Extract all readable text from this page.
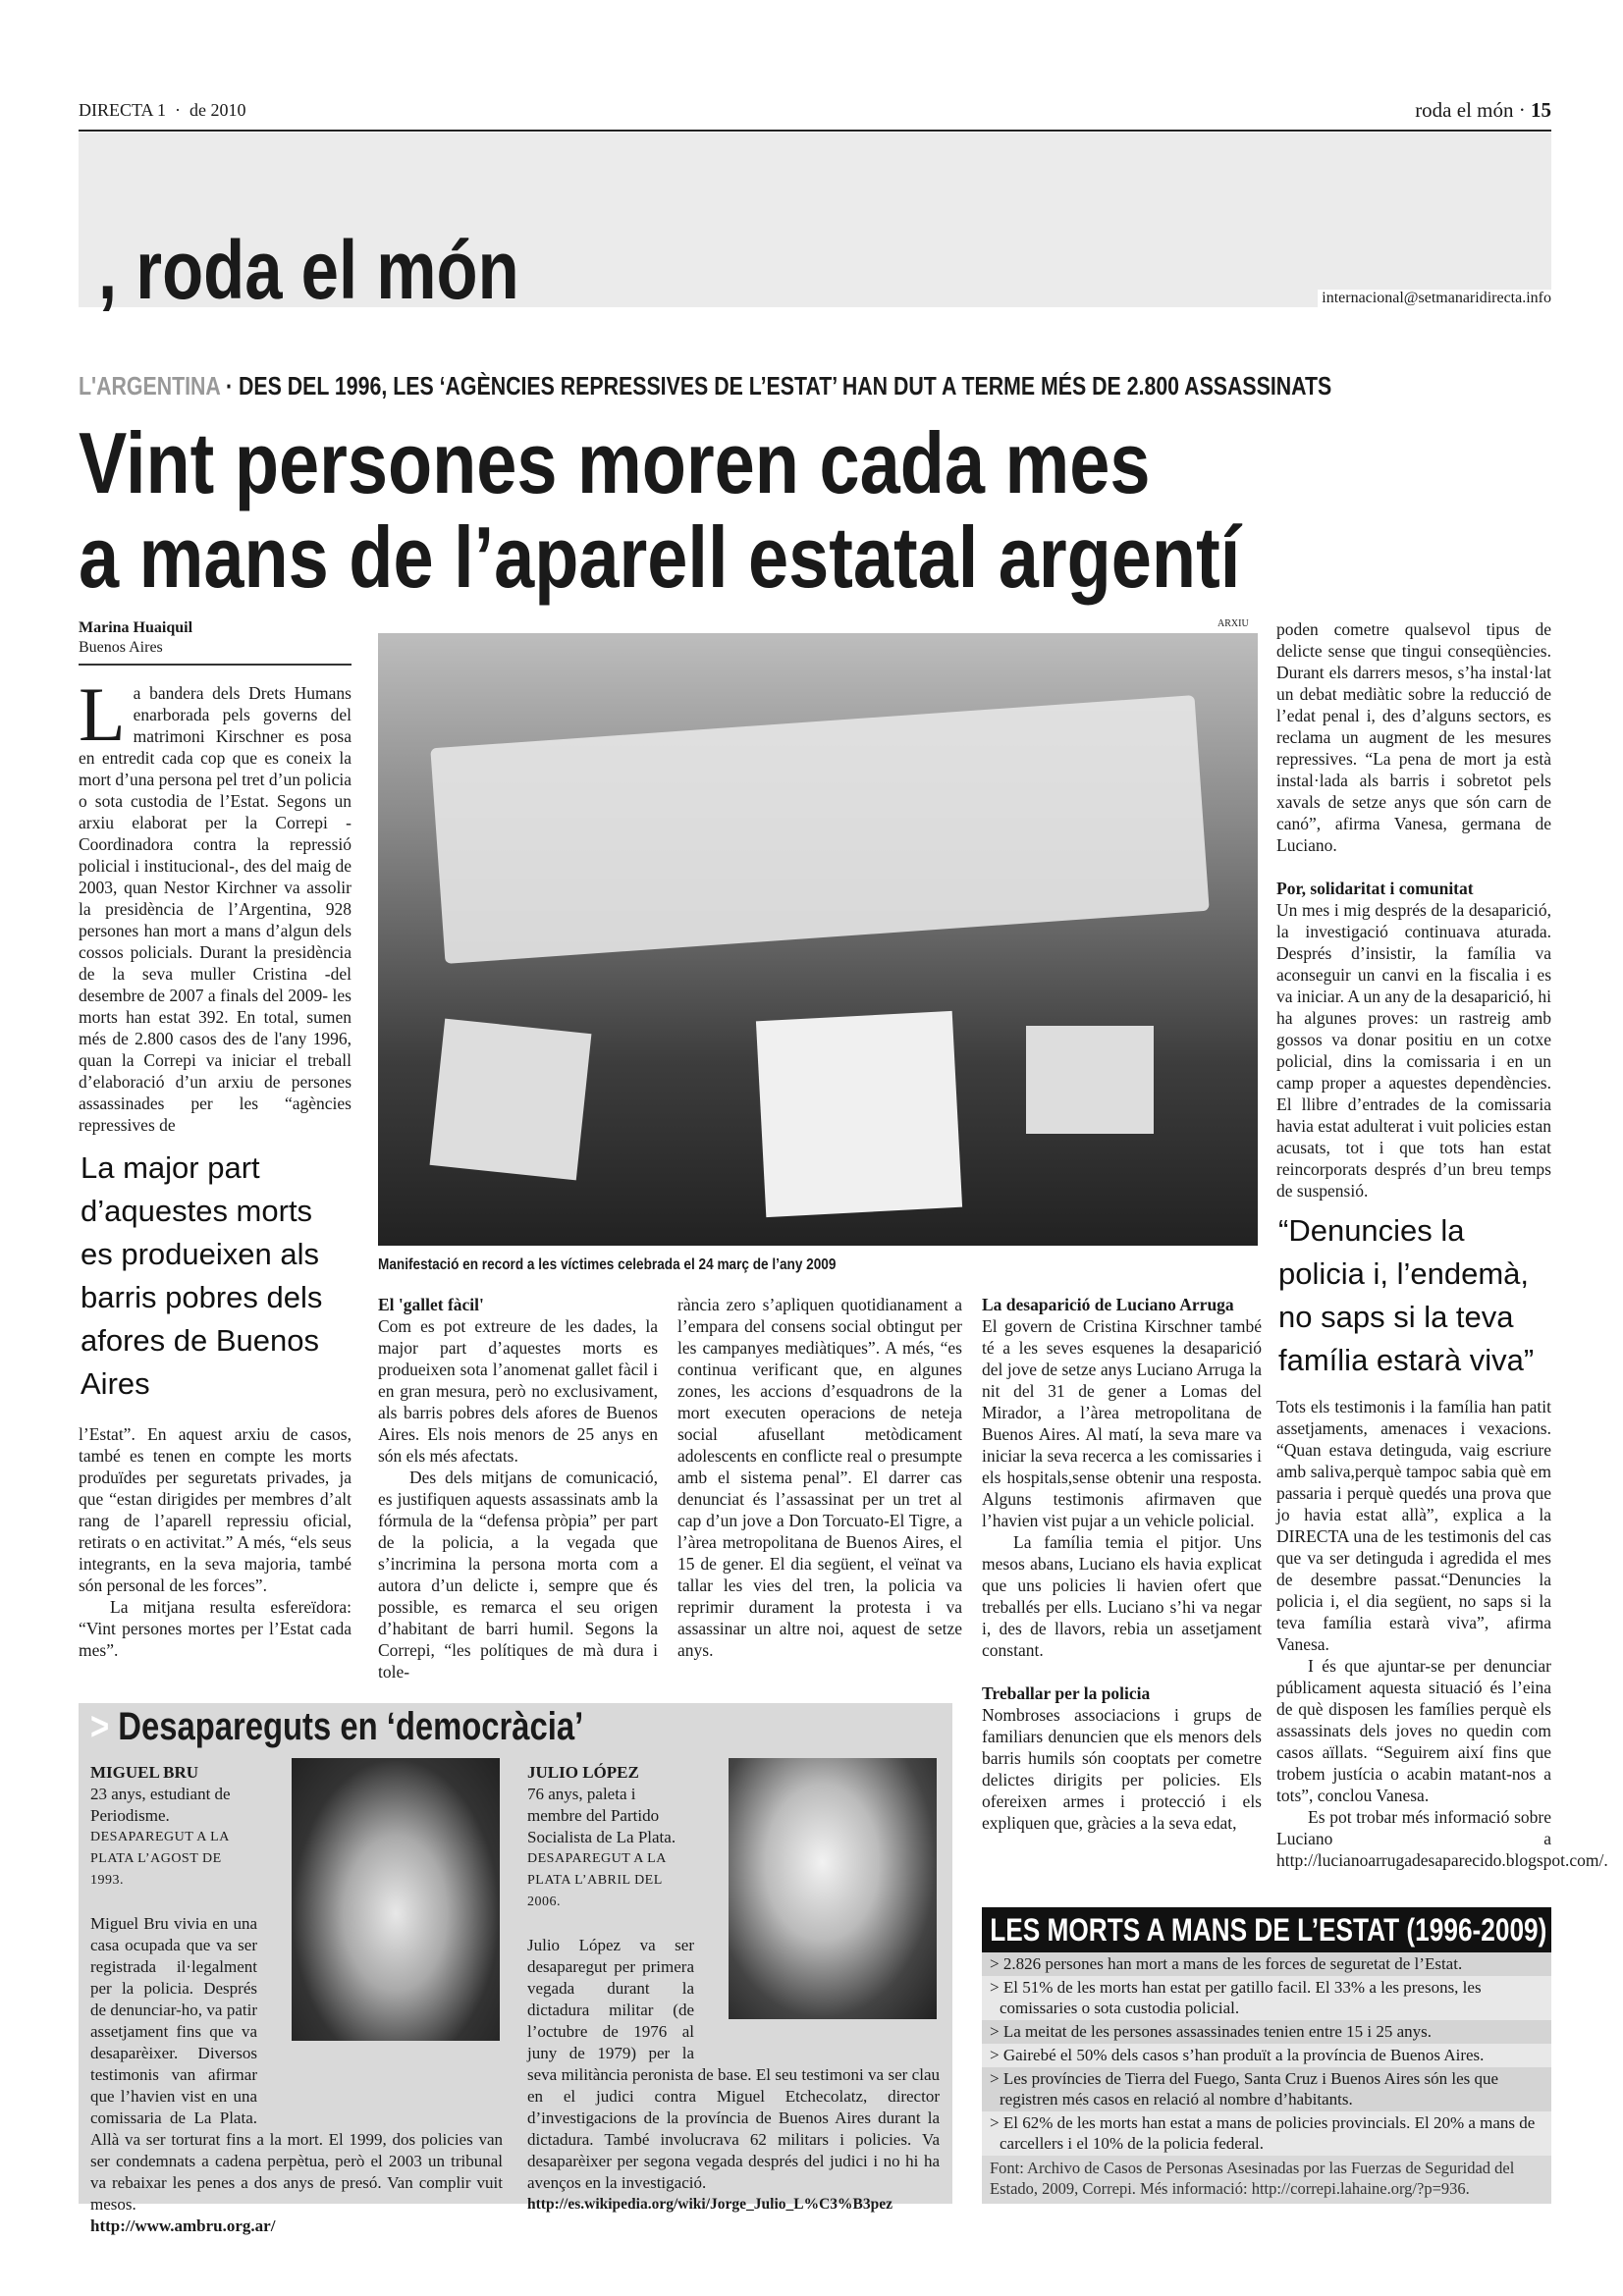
DIRECTA 1  ·  de 2010	roda el món · 15
, roda el món	internacional@setmanaridirecta.info
L'ARGENTINA · DES DEL 1996, LES ‘AGÈNCIES REPRESSIVES DE L’ESTAT’ HAN DUT A TERME MÉS DE 2.800 ASSASSINATS
Vint persones moren cada mes
a mans de l’aparell estatal argentí
Marina Huaiquil
Buenos Aires

La bandera dels Drets Humans enarborada pels governs del matrimoni Kirschner es posa en entredit cada cop que es coneix la mort d’una persona pel tret d’un policia o sota custodia de l’Estat. Segons un arxiu elaborat per la Correpi -Coordinadora contra la repressió policial i institucional-, des del maig de 2003, quan Nestor Kirchner va assolir la presidència de l’Argentina, 928 persones han mort a mans d’algun dels cossos policials. Durant la presidència de la seva muller Cristina -del desembre de 2007 a finals del 2009- les morts han estat 392. En total, sumen més de 2.800 casos des de l'any 1996, quan la Correpi va iniciar el treball d’elaboració d’un arxiu de persones assassinades per les “agències repressives de

La major part d’aquestes morts es produeixen als barris pobres dels afores de Buenos Aires

l’Estat”. En aquest arxiu de casos, també es tenen en compte les morts produïdes per seguretats privades, ja que “estan dirigides per membres d’alt rang de l’aparell repressiu oficial, retirats o en activitat.” A més, “els seus integrants, en la seva majoria, també són personal de les forces”.

La mitjana resulta esfereïdora: “Vint persones mortes per l’Estat cada mes”.

ARXIU
Manifestació en record a les víctimes celebrada el 24 març de l’any 2009
El 'gallet fàcil'

Com es pot extreure de les dades, la major part d’aquestes morts es produeixen sota l’anomenat gallet fàcil i en gran mesura, però no exclusivament, als barris pobres dels afores de Buenos Aires. Els nois menors de 25 anys en són els més afectats.

Des dels mitjans de comunicació, es justifiquen aquests assassinats amb la fórmula de la “defensa pròpia” per part de la policia, a la vegada que s’incrimina la persona morta com a autora d’un delicte i, sempre que és possible, es remarca el seu origen d’habitant de barri humil. Segons la Correpi, “les polítiques de mà dura i tole-

rància zero s’apliquen quotidianament a l’empara del consens social obtingut per les campanyes mediàtiques”. A més, “es continua verificant que, en algunes zones, les accions d’esquadrons de la mort executen operacions de neteja social afusellant metòdicament adolescents en conflicte real o presumpte amb el sistema penal”. El darrer cas denunciat és l’assassinat per un tret al cap d’un jove a Don Torcuato-El Tigre, a l’àrea metropolitana de Buenos Aires, el 15 de gener. El dia següent, el veïnat va tallar les vies del tren, la policia va reprimir durament la protesta i va assassinar un altre noi, aquest de setze anys.

La desaparició de Luciano Arruga

El govern de Cristina Kirschner també té a les seves esquenes la desaparició del jove de setze anys Luciano Arruga la nit del 31 de gener a Lomas del Mirador, a l’àrea metropolitana de Buenos Aires. Al matí, la seva mare va iniciar la seva recerca a les comissaries i els hospitals,sense obtenir una resposta. Alguns testimonis afirmaven que l’havien vist pujar a un vehicle policial.

La família temia el pitjor. Uns mesos abans, Luciano els havia explicat que uns policies li havien ofert que treballés per ells. Luciano s’hi va negar i, des de llavors, rebia un assetjament constant.

Treballar per la policia

Nombroses associacions i grups de familiars denuncien que els menors dels barris humils són cooptats per cometre delictes dirigits per policies. Els ofereixen armes i protecció i els expliquen que, gràcies a la seva edat,

poden cometre qualsevol tipus de delicte sense que tingui conseqüències. Durant els darrers mesos, s’ha instal·lat un debat mediàtic sobre la reducció de l’edat penal i, des d’alguns sectors, es reclama un augment de les mesures repressives. “La pena de mort ja està instal·lada als barris i sobretot pels xavals de setze anys que són carn de canó”, afirma Vanesa, germana de Luciano.

Por, solidaritat i comunitat

Un mes i mig després de la desaparició, la investigació continuava aturada. Després d’insistir, la família va aconseguir un canvi en la fiscalia i es va iniciar. A un any de la desaparició, hi ha algunes proves: un rastreig amb gossos va donar positiu en un cotxe policial, dins la comissaria i en un camp proper a aquestes dependències. El llibre d’entrades de la comissaria havia estat adulterat i vuit policies estan acusats, tot i que tots han estat reincorporats després d’un breu temps de suspensió.

“Denuncies la policia i, l’endemà, no saps si la teva família estarà viva”

Tots els testimonis i la família han patit assetjaments, amenaces i vexacions. “Quan estava detinguda, vaig escriure amb saliva,perquè tampoc sabia què em passaria i perquè quedés una prova que jo havia estat allà”, explica a la DIRECTA una de les testimonis del cas que va ser detinguda i agredida el mes de desembre passat.“Denuncies la policia i, el dia següent, no saps si la teva família estarà viva”, afirma Vanesa.

I és que ajuntar-se per denunciar públicament aquesta situació és l’eina de què disposen les famílies perquè els assassinats dels joves no quedin com casos aïllats. “Seguirem així fins que trobem justícia o acabin matant-nos a tots”, conclou Vanesa.

Es pot trobar més informació sobre Luciano a http://lucianoarrugadesaparecido.blogspot.com/.

> Desapareguts en ‘democràcia’
MIGUEL BRU
23 anys, estudiant de Periodisme.
DESAPAREGUT A LA PLATA L’AGOST DE 1993.
Miguel Bru vivia en una casa ocupada que va ser registrada il·legalment per la policia. Després de denunciar-ho, va patir assetjament fins que va desaparèixer. Diversos testimonis van afirmar que l’havien vist en una comissaria de La Plata. Allà va ser torturat fins a la mort. El 1999, dos policies van ser condemnats a cadena perpètua, però el 2003 un tribunal va rebaixar les penes a dos anys de presó. Van complir vuit mesos.
http://www.ambru.org.ar/
JULIO LÓPEZ
76 anys, paleta i membre del Partido Socialista de La Plata.
DESAPAREGUT A LA PLATA L’ABRIL DEL 2006.
Julio López va ser desaparegut per primera vegada durant la dictadura militar (de l’octubre de 1976 al juny de 1979) per la seva militància peronista de base. El seu testimoni va ser clau en el judici contra Miguel Etchecolatz, director d’investigacions de la província de Buenos Aires durant la dictadura. També involucrava 62 militars i policies. Va desaparèixer per segona vegada després del judici i no hi ha avenços en la investigació.
http://es.wikipedia.org/wiki/Jorge_Julio_L%C3%B3pez
LES MORTS A MANS DE L’ESTAT (1996-2009)
> 2.826 persones han mort a mans de les forces de seguretat de l’Estat.
> El 51% de les morts han estat per gatillo facil. El 33% a les presons, les comissaries o sota custodia policial.
> La meitat de les persones assassinades tenien entre 15 i 25 anys.
> Gairebé el 50% dels casos s’han produït a la província de Buenos Aires.
> Les províncies de Tierra del Fuego, Santa Cruz i Buenos Aires són les que registren més casos en relació al nombre d’habitants.
> El 62% de les morts han estat a mans de policies provincials. El 20% a mans de carcellers i el 10% de la policia federal.
Font: Archivo de Casos de Personas Asesinadas por las Fuerzas de Seguridad del Estado, 2009, Correpi. Més informació: http://correpi.lahaine.org/?p=936.
